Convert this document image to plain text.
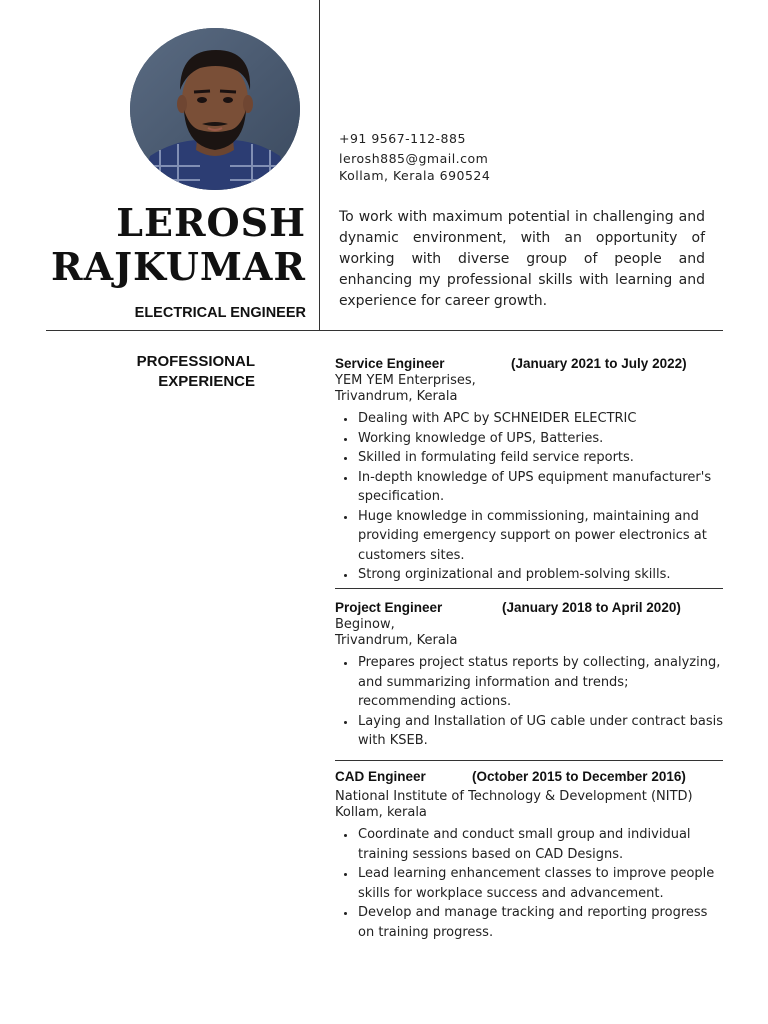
LEROSH
RAJKUMAR
ELECTRICAL ENGINEER
+91 9567-112-885
lerosh885@gmail.com
Kollam, Kerala 690524
To work with maximum potential in challenging and dynamic environment, with an opportunity of working with diverse group of people and enhancing my professional skills with learning and experience for career growth.
PROFESSIONAL
EXPERIENCE
Service Engineer	(January 2021 to July 2022)
YEM YEM Enterprises,
Trivandrum, Kerala
• Dealing with APC by SCHNEIDER ELECTRIC
• Working knowledge of UPS, Batteries.
• Skilled in formulating feild service reports.
• In-depth knowledge of UPS equipment manufacturer's specification.
• Huge knowledge in commissioning, maintaining and providing emergency support on power electronics at customers sites.
• Strong orginizational and problem-solving skills.
Project Engineer	(January 2018 to April 2020)
Beginow,
Trivandrum, Kerala
• Prepares project status reports by collecting, analyzing, and summarizing information and trends; recommending actions.
• Laying and Installation of UG cable under contract basis with KSEB.
CAD Engineer	(October 2015 to December 2016)
National Institute of Technology & Development (NITD)
Kollam, kerala
• Coordinate and conduct small group and individual training sessions based on CAD Designs.
• Lead learning enhancement classes to improve people skills for workplace success and advancement.
• Develop and manage tracking and reporting progress on training progress.
